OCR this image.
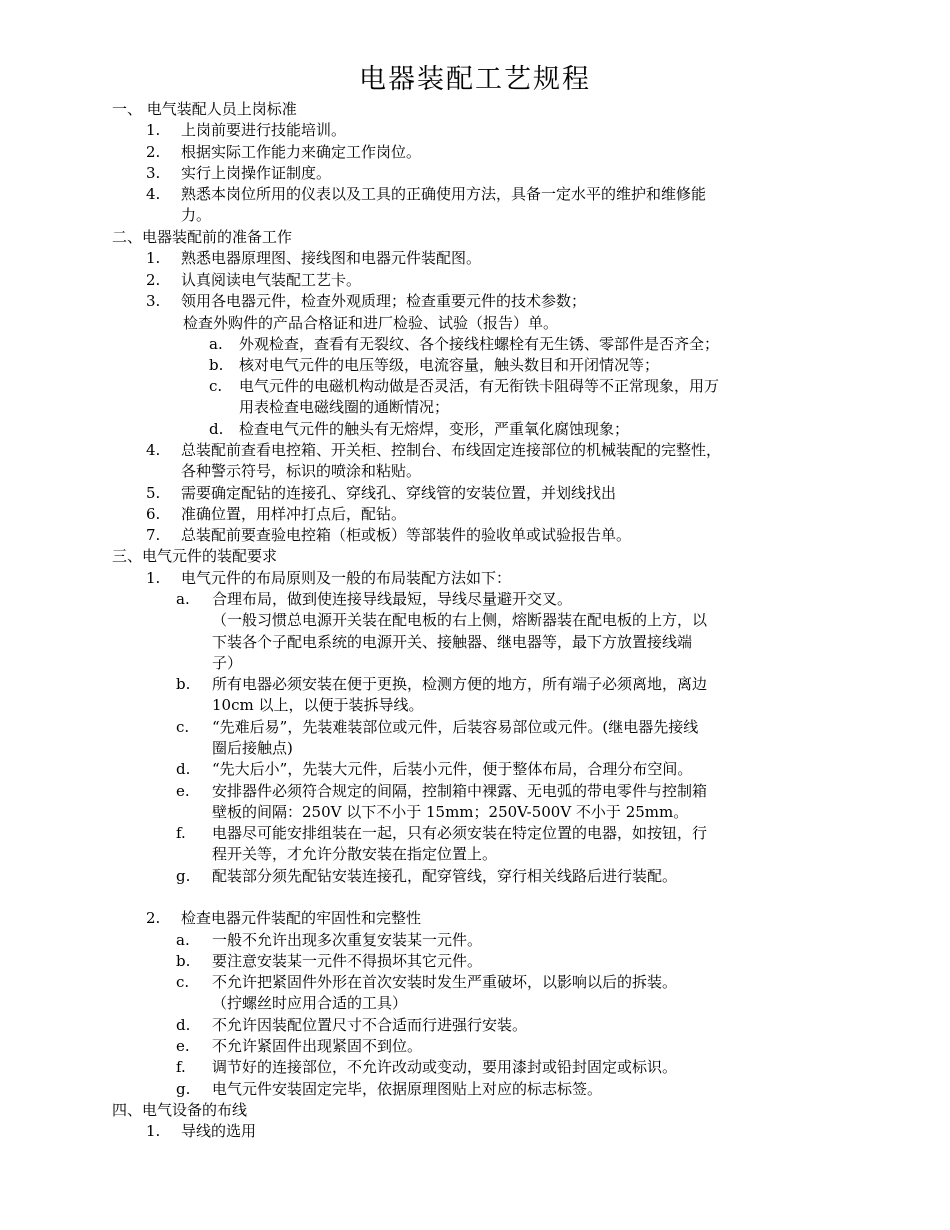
电器装配工艺规程
一、 电气装配人员上岗标准
1. 上岗前要进行技能培训。
2. 根据实际工作能力来确定工作岗位。
3. 实行上岗操作证制度。
4. 熟悉本岗位所用的仪表以及工具的正确使用方法，具备一定水平的维护和维修能
力。
二、电器装配前的准备工作
1. 熟悉电器原理图、接线图和电器元件装配图。
2. 认真阅读电气装配工艺卡。
3. 领用各电器元件，检查外观质理；检查重要元件的技术参数；
检查外购件的产品合格证和进厂检验、试验（报告）单。
a. 外观检查，查看有无裂纹、各个接线柱螺栓有无生锈、零部件是否齐全；
b. 核对电气元件的电压等级，电流容量，触头数目和开闭情况等；
c. 电气元件的电磁机构动做是否灵活，有无衔铁卡阻碍等不正常现象，用万
用表检查电磁线圈的通断情况；
d. 检查电气元件的触头有无熔焊，变形，严重氧化腐蚀现象；
4. 总装配前查看电控箱、开关柜、控制台、布线固定连接部位的机械装配的完整性，
各种警示符号，标识的喷涂和粘贴。
5. 需要确定配钻的连接孔、穿线孔、穿线管的安装位置，并划线找出
6. 准确位置，用样冲打点后，配钻。
7. 总装配前要查验电控箱（柜或板）等部装件的验收单或试验报告单。
三、电气元件的装配要求
1. 电气元件的布局原则及一般的布局装配方法如下：
a. 合理布局，做到使连接导线最短，导线尽量避开交叉。
（一般习惯总电源开关装在配电板的右上侧，熔断器装在配电板的上方，以
下装各个子配电系统的电源开关、接触器、继电器等，最下方放置接线端
子）
b. 所有电器必须安装在便于更换，检测方便的地方，所有端子必须离地，离边
10cm 以上，以便于装拆导线。
c. “先难后易”，先装难装部位或元件，后装容易部位或元件。(继电器先接线
圈后接触点)
d. “先大后小”，先装大元件，后装小元件，便于整体布局，合理分布空间。
e. 安排器件必须符合规定的间隔，控制箱中裸露、无电弧的带电零件与控制箱
壁板的间隔：250V 以下不小于 15mm；250V-500V 不小于 25mm。
f. 电器尽可能安排组装在一起，只有必须安装在特定位置的电器，如按钮，行
程开关等，才允许分散安装在指定位置上。
g. 配装部分须先配钻安装连接孔，配穿管线，穿行相关线路后进行装配。
2. 检查电器元件装配的牢固性和完整性
a. 一般不允许出现多次重复安装某一元件。
b. 要注意安装某一元件不得损坏其它元件。
c. 不允许把紧固件外形在首次安装时发生严重破坏，以影响以后的拆装。
（拧螺丝时应用合适的工具）
d. 不允许因装配位置尺寸不合适而行进强行安装。
e. 不允许紧固件出现紧固不到位。
f. 调节好的连接部位，不允许改动或变动，要用漆封或铅封固定或标识。
g. 电气元件安装固定完毕，依据原理图贴上对应的标志标签。
四、电气设备的布线
1. 导线的选用
